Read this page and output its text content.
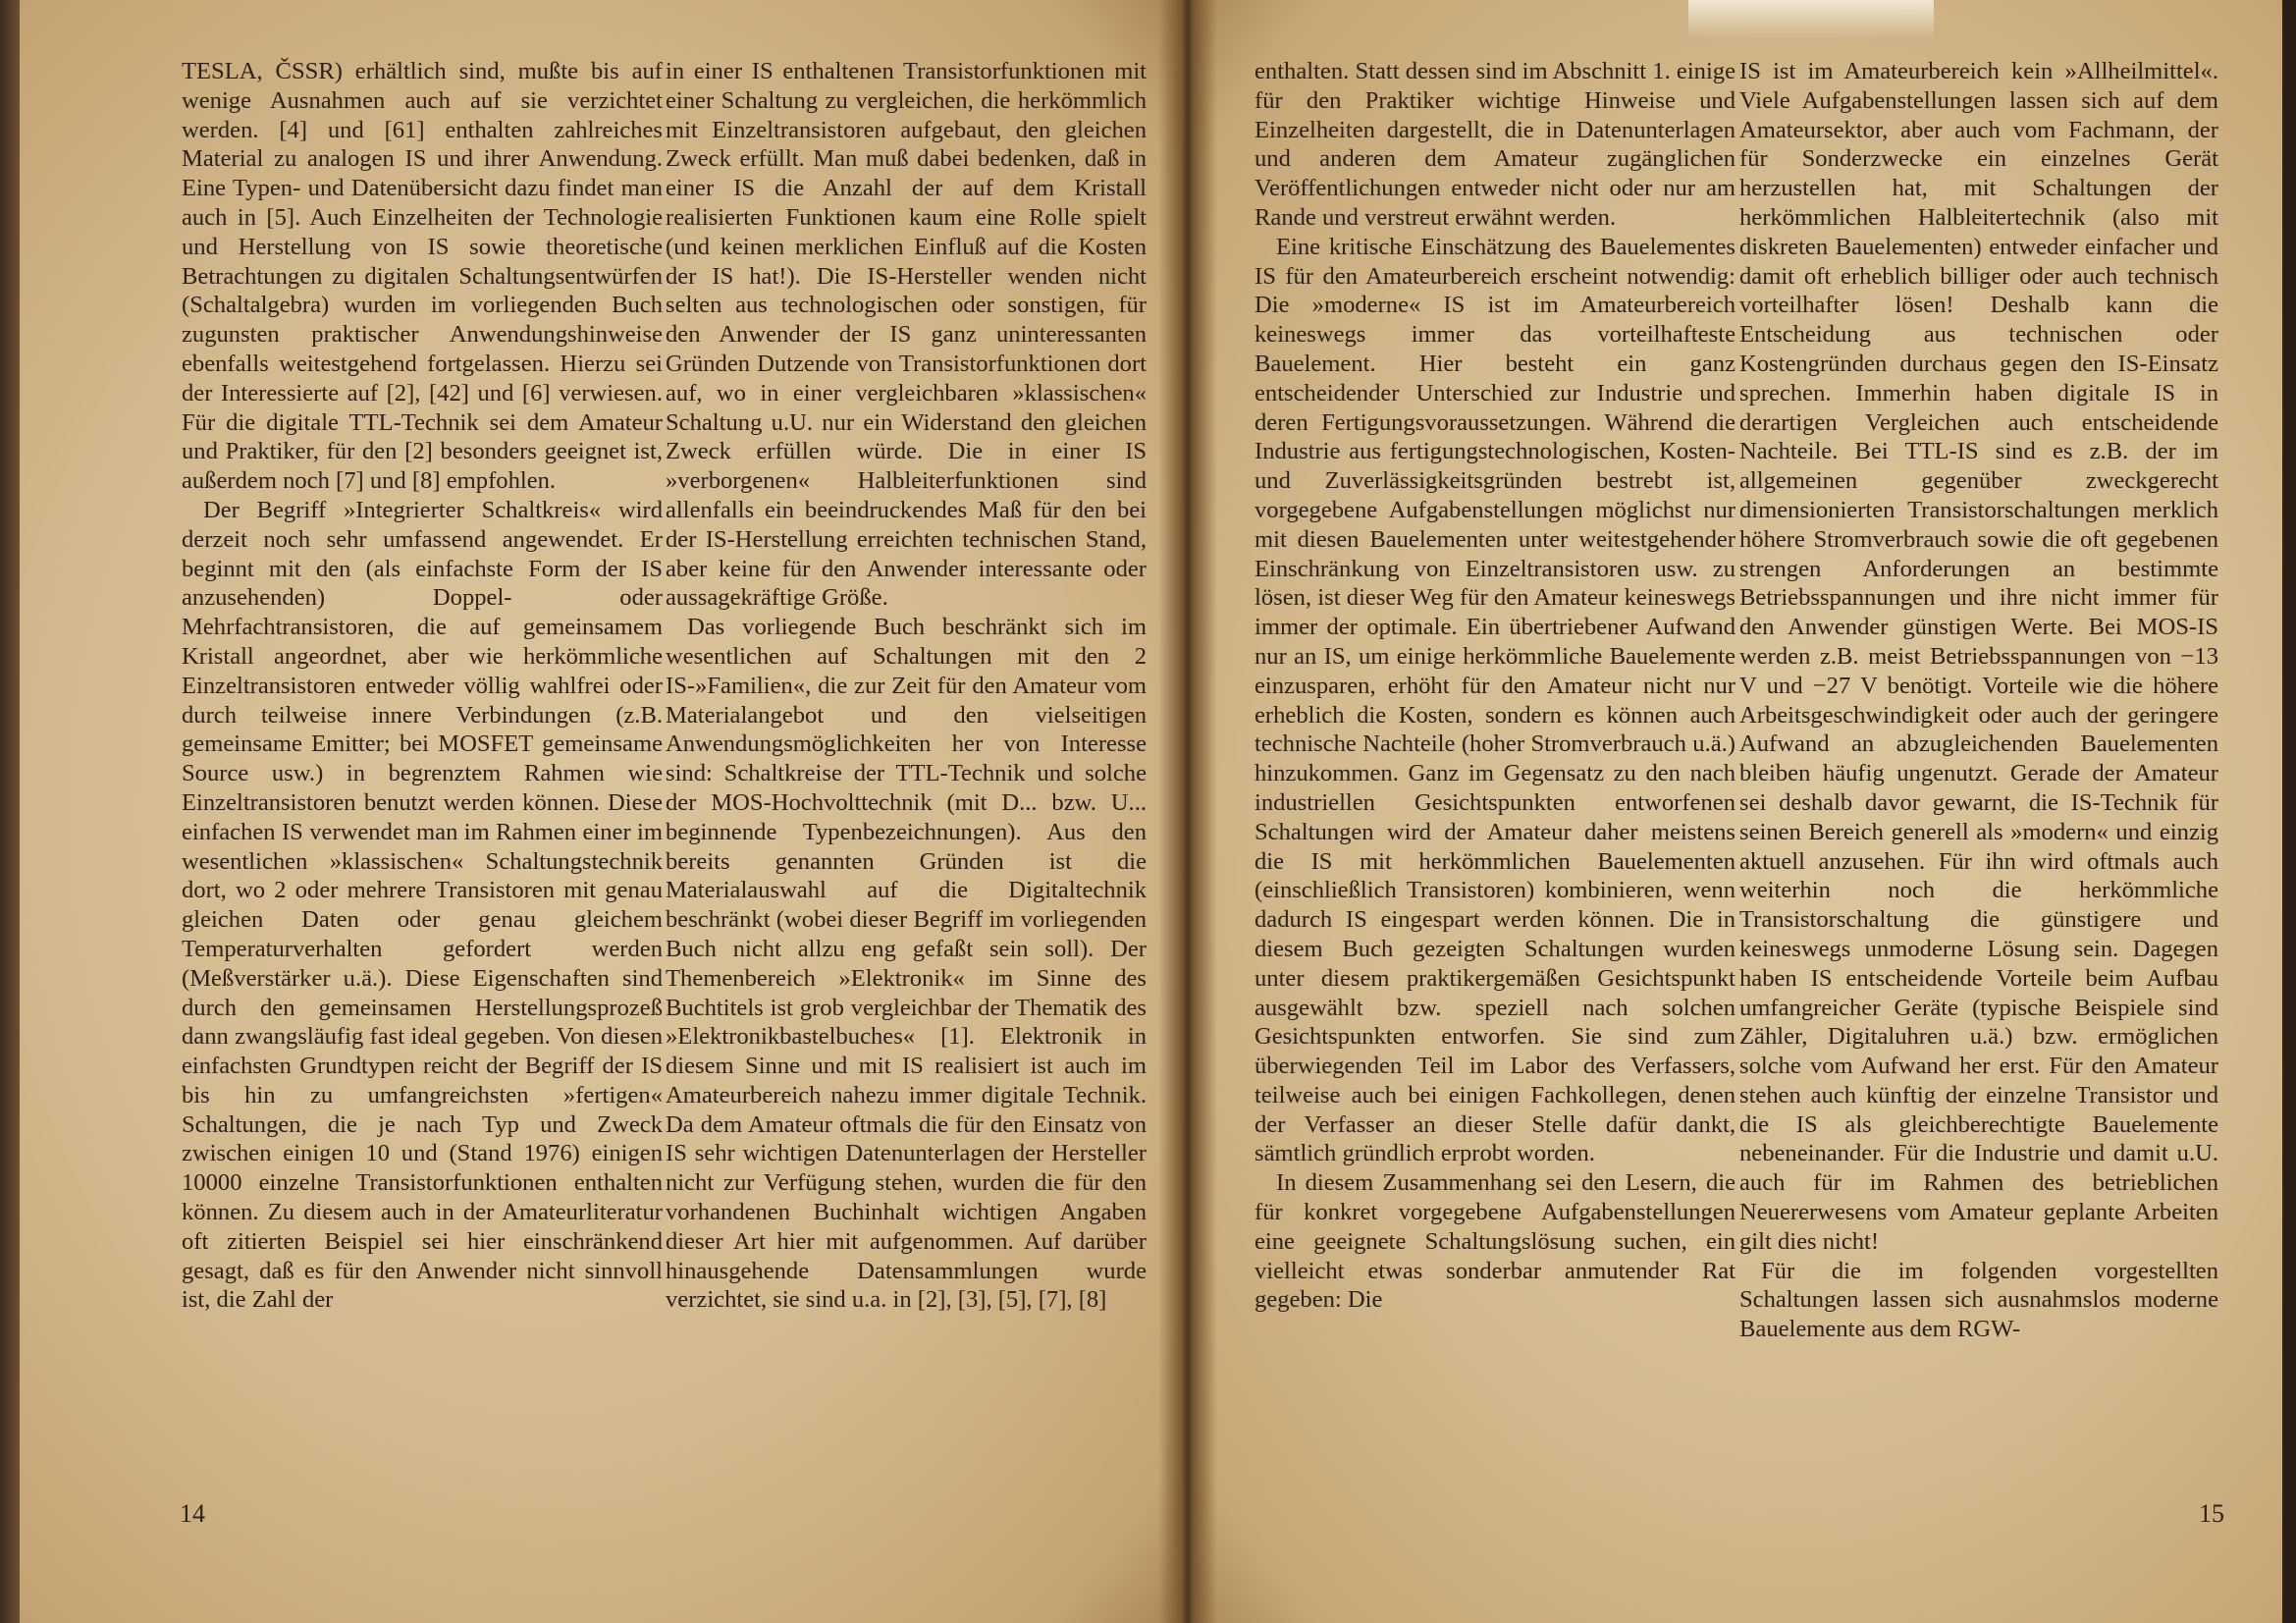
TESLA, ČSSR) erhältlich sind, mußte bis auf wenige Ausnahmen auch auf sie verzichtet werden. [4] und [61] enthalten zahlreiches Material zu analogen IS und ihrer Anwendung. Eine Typen- und Datenübersicht dazu findet man auch in [5]. Auch Einzelheiten der Technologie und Herstellung von IS sowie theoretische Betrachtungen zu digitalen Schaltungsentwürfen (Schaltalgebra) wurden im vorliegenden Buch zugunsten praktischer Anwendungshinweise ebenfalls weitestgehend fortgelassen. Hierzu sei der Interessierte auf [2], [42] und [6] verwiesen. Für die digitale TTL-Technik sei dem Amateur und Praktiker, für den [2] besonders geeignet ist, außerdem noch [7] und [8] empfohlen.

Der Begriff »Integrierter Schaltkreis« wird derzeit noch sehr umfassend angewendet. Er beginnt mit den (als einfachste Form der IS anzusehenden) Doppel- oder Mehrfachtransistoren, die auf gemeinsamem Kristall angeordnet, aber wie herkömmliche Einzeltransistoren entweder völlig wahlfrei oder durch teilweise innere Verbindungen (z.B. gemeinsame Emitter; bei MOSFET gemeinsame Source usw.) in begrenztem Rahmen wie Einzeltransistoren benutzt werden können. Diese einfachen IS verwendet man im Rahmen einer im wesentlichen »klassischen« Schaltungstechnik dort, wo 2 oder mehrere Transistoren mit genau gleichen Daten oder genau gleichem Temperaturverhalten gefordert werden (Meßverstärker u.ä.). Diese Eigenschaften sind durch den gemeinsamen Herstellungsprozeß dann zwangsläufig fast ideal gegeben. Von diesen einfachsten Grundtypen reicht der Begriff der IS bis hin zu umfangreichsten »fertigen« Schaltungen, die je nach Typ und Zweck zwischen einigen 10 und (Stand 1976) einigen 10000 einzelne Transistorfunktionen enthalten können. Zu diesem auch in der Amateurliteratur oft zitierten Beispiel sei hier einschränkend gesagt, daß es für den Anwender nicht sinnvoll ist, die Zahl der

in einer IS enthaltenen Transistorfunktionen mit einer Schaltung zu vergleichen, die herkömmlich mit Einzeltransistoren aufgebaut, den gleichen Zweck erfüllt. Man muß dabei bedenken, daß in einer IS die Anzahl der auf dem Kristall realisierten Funktionen kaum eine Rolle spielt (und keinen merklichen Einfluß auf die Kosten der IS hat!). Die IS-Hersteller wenden nicht selten aus technologischen oder sonstigen, für den Anwender der IS ganz uninteressanten Gründen Dutzende von Transistorfunktionen dort auf, wo in einer vergleichbaren »klassischen« Schaltung u.U. nur ein Widerstand den gleichen Zweck erfüllen würde. Die in einer IS »verborgenen« Halbleiterfunktionen sind allenfalls ein beeindruckendes Maß für den bei der IS-Herstellung erreichten technischen Stand, aber keine für den Anwender interessante oder aussagekräftige Größe.

Das vorliegende Buch beschränkt sich im wesentlichen auf Schaltungen mit den 2 IS-»Familien«, die zur Zeit für den Amateur vom Materialangebot und den vielseitigen Anwendungsmöglichkeiten her von Interesse sind: Schaltkreise der TTL-Technik und solche der MOS-Hochvolttechnik (mit D... bzw. U... beginnende Typenbezeichnungen). Aus den bereits genannten Gründen ist die Materialauswahl auf die Digitaltechnik beschränkt (wobei dieser Begriff im vorliegenden Buch nicht allzu eng gefaßt sein soll). Der Themenbereich »Elektronik« im Sinne des Buchtitels ist grob vergleichbar der Thematik des »Elektronikbastelbuches« [1]. Elektronik in diesem Sinne und mit IS realisiert ist auch im Amateurbereich nahezu immer digitale Technik. Da dem Amateur oftmals die für den Einsatz von IS sehr wichtigen Datenunterlagen der Hersteller nicht zur Verfügung stehen, wurden die für den vorhandenen Buchinhalt wichtigen Angaben dieser Art hier mit aufgenommen. Auf darüber hinausgehende Datensammlungen wurde verzichtet, sie sind u.a. in [2], [3], [5], [7], [8]

enthalten. Statt dessen sind im Abschnitt 1. einige für den Praktiker wichtige Hinweise und Einzelheiten dargestellt, die in Datenunterlagen und anderen dem Amateur zugänglichen Veröffentlichungen entweder nicht oder nur am Rande und verstreut erwähnt werden.

Eine kritische Einschätzung des Bauelementes IS für den Amateurbereich erscheint notwendig: Die »moderne« IS ist im Amateurbereich keineswegs immer das vorteilhafteste Bauelement. Hier besteht ein ganz entscheidender Unterschied zur Industrie und deren Fertigungsvoraussetzungen. Während die Industrie aus fertigungstechnologischen, Kosten- und Zuverlässigkeitsgründen bestrebt ist, vorgegebene Aufgabenstellungen möglichst nur mit diesen Bauelementen unter weitestgehender Einschränkung von Einzeltransistoren usw. zu lösen, ist dieser Weg für den Amateur keineswegs immer der optimale. Ein übertriebener Aufwand nur an IS, um einige herkömmliche Bauelemente einzusparen, erhöht für den Amateur nicht nur erheblich die Kosten, sondern es können auch technische Nachteile (hoher Stromverbrauch u.ä.) hinzukommen. Ganz im Gegensatz zu den nach industriellen Gesichtspunkten entworfenen Schaltungen wird der Amateur daher meistens die IS mit herkömmlichen Bauelementen (einschließlich Transistoren) kombinieren, wenn dadurch IS eingespart werden können. Die in diesem Buch gezeigten Schaltungen wurden unter diesem praktikergemäßen Gesichtspunkt ausgewählt bzw. speziell nach solchen Gesichtspunkten entworfen. Sie sind zum überwiegenden Teil im Labor des Verfassers, teilweise auch bei einigen Fachkollegen, denen der Verfasser an dieser Stelle dafür dankt, sämtlich gründlich erprobt worden.

In diesem Zusammenhang sei den Lesern, die für konkret vorgegebene Aufgabenstellungen eine geeignete Schaltungslösung suchen, ein vielleicht etwas sonderbar anmutender Rat gegeben: Die

IS ist im Amateurbereich kein »Allheilmittel«. Viele Aufgabenstellungen lassen sich auf dem Amateursektor, aber auch vom Fachmann, der für Sonderzwecke ein einzelnes Gerät herzustellen hat, mit Schaltungen der herkömmlichen Halbleitertechnik (also mit diskreten Bauelementen) entweder einfacher und damit oft erheblich billiger oder auch technisch vorteilhafter lösen! Deshalb kann die Entscheidung aus technischen oder Kostengründen durchaus gegen den IS-Einsatz sprechen. Immerhin haben digitale IS in derartigen Vergleichen auch entscheidende Nachteile. Bei TTL-IS sind es z.B. der im allgemeinen gegenüber zweckgerecht dimensionierten Transistorschaltungen merklich höhere Stromverbrauch sowie die oft gegebenen strengen Anforderungen an bestimmte Betriebsspannungen und ihre nicht immer für den Anwender günstigen Werte. Bei MOS-IS werden z.B. meist Betriebsspannungen von −13 V und −27 V benötigt. Vorteile wie die höhere Arbeitsgeschwindigkeit oder auch der geringere Aufwand an abzugleichenden Bauelementen bleiben häufig ungenutzt. Gerade der Amateur sei deshalb davor gewarnt, die IS-Technik für seinen Bereich generell als »modern« und einzig aktuell anzusehen. Für ihn wird oftmals auch weiterhin noch die herkömmliche Transistorschaltung die günstigere und keineswegs unmoderne Lösung sein. Dagegen haben IS entscheidende Vorteile beim Aufbau umfangreicher Geräte (typische Beispiele sind Zähler, Digitaluhren u.ä.) bzw. ermöglichen solche vom Aufwand her erst. Für den Amateur stehen auch künftig der einzelne Transistor und die IS als gleichberechtigte Bauelemente nebeneinander. Für die Industrie und damit u.U. auch für im Rahmen des betrieblichen Neuererwesens vom Amateur geplante Arbeiten gilt dies nicht!

Für die im folgenden vorgestellten Schaltungen lassen sich ausnahmslos moderne Bauelemente aus dem RGW-

14	15
